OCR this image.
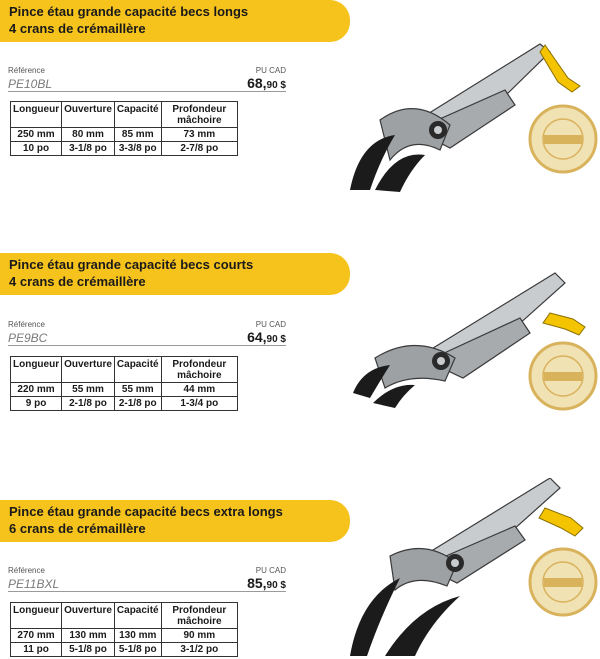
Pince étau grande capacité becs longs
4 crans de crémaillère
Référence	PU CAD
PE10BL	68,90 $
Longueur	Ouverture	Capacité	Profondeur mâchoire
250 mm	80 mm	85 mm	73 mm
10 po	3-1/8 po	3-3/8 po	2-7/8 po
Pince étau grande capacité becs courts
4 crans de crémaillère
Référence	PU CAD
PE9BC	64,90 $
Longueur	Ouverture	Capacité	Profondeur mâchoire
220 mm	55 mm	55 mm	44 mm
9 po	2-1/8 po	2-1/8 po	1-3/4 po
Pince étau grande capacité becs extra longs
6 crans de crémaillère
Référence	PU CAD
PE11BXL	85,90 $
Longueur	Ouverture	Capacité	Profondeur mâchoire
270 mm	130 mm	130 mm	90 mm
11 po	5-1/8 po	5-1/8 po	3-1/2 po
